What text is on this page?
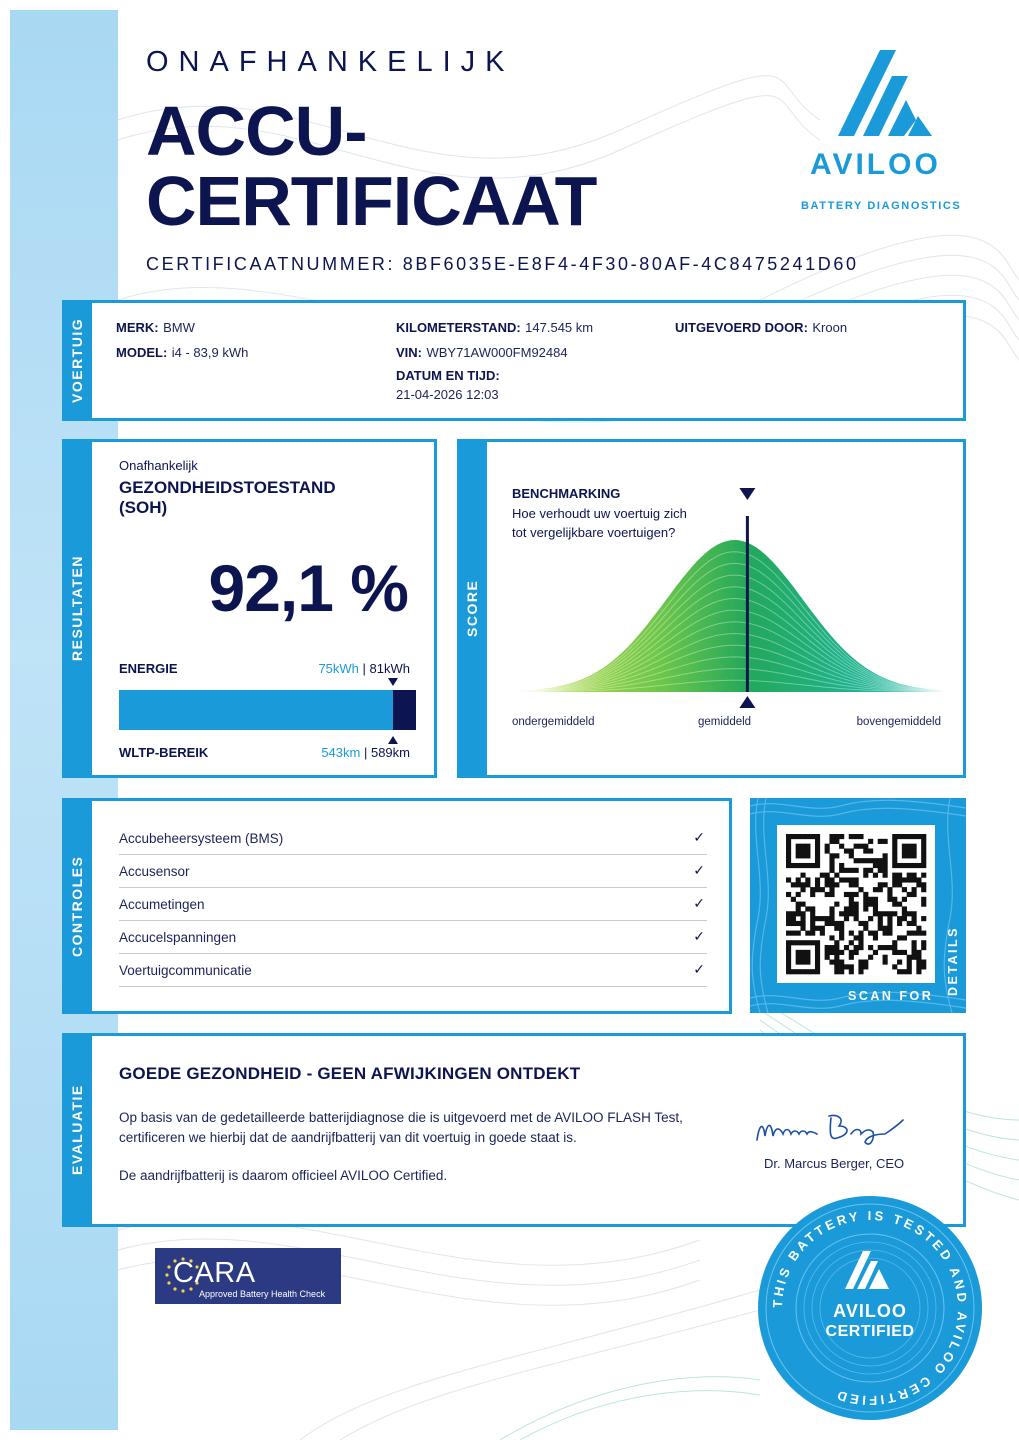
ONAFHANKELIJK
ACCU-
CERTIFICAAT
CERTIFICAATNUMMER: 8BF6035E-E8F4-4F30-80AF-4C8475241D60
AVILOO
BATTERY DIAGNOSTICS
VOERTUIG	MERK: BMW
MODEL: i4 - 83,9 kWh
KILOMETERSTAND: 147.545 km
VIN: WBY71AW000FM92484
DATUM EN TIJD:
21-04-2026 12:03
UITGEVOERD DOOR: Kroon
RESULTATEN
Onafhankelijk
GEZONDHEIDSTOESTAND
(SOH)
92,1 %
ENERGIE	75kWh | 81kWh
WLTP-BEREIK	543km | 589km
SCORE
BENCHMARKING
Hoe verhoudt uw voertuig zich tot vergelijkbare voertuigen?
ondergemiddeld	gemiddeld	bovengemiddeld
CONTROLES
Accubeheersysteem (BMS)	✓
Accusensor	✓
Accumetingen	✓
Accucelspanningen	✓
Voertuigcommunicatie	✓
SCAN FOR DETAILS
EVALUATIE
GOEDE GEZONDHEID - GEEN AFWIJKINGEN ONTDEKT
Op basis van de gedetailleerde batterijdiagnose die is uitgevoerd met de AVILOO FLASH Test, certificeren we hierbij dat de aandrijfbatterij van dit voertuig in goede staat is.
De aandrijfbatterij is daarom officieel AVILOO Certified.
Dr. Marcus Berger, CEO
CARA
Approved Battery Health Check
THIS BATTERY IS TESTED AND AVILOO CERTIFIED
AVILOO
CERTIFIED
